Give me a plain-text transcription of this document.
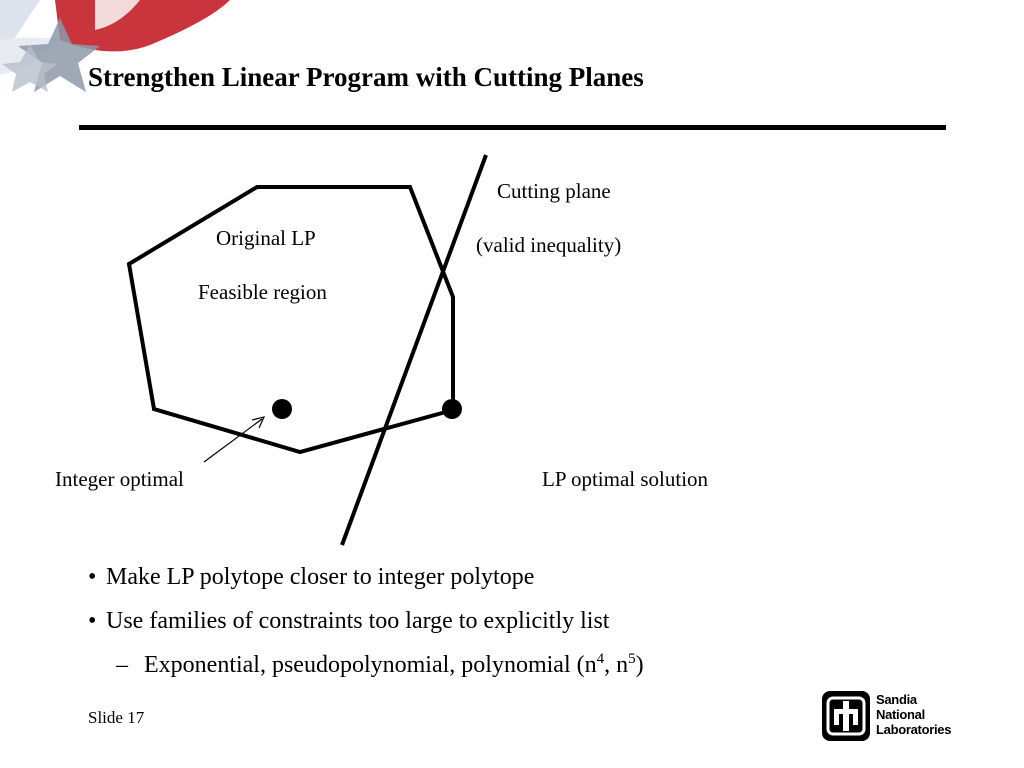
Strengthen Linear Program with Cutting Planes
Cutting plane
(valid inequality)
Original LP
Feasible region
Integer optimal	LP optimal solution
• Make LP polytope closer to integer polytope
• Use families of constraints too large to explicitly list
– Exponential, pseudopolynomial, polynomial ($n^4$, $n^5$)
Slide 17
Sandia
National
Laboratories
